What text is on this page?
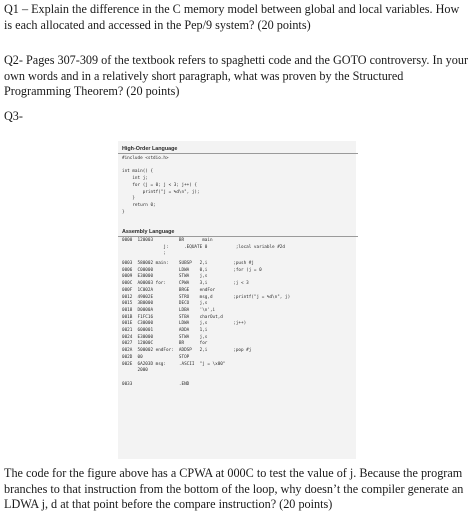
Q1 – Explain the difference in the C memory model between global and local variables. How is each allocated and accessed in the Pep/9 system? (20 points)

Q2- Pages 307-309 of the textbook refers to spaghetti code and the GOTO controversy. In your own words and in a relatively short paragraph, what was proven by the Structured Programming Theorem? (20 points)

Q3-

High-Order Language
#include <stdio.h>

int main() {
int j;
for (j = 0; j < 3; j++) {
printf("j = %d\n", j);
}
return 0;
}
Assembly Language
0000  120003          BR       main
j:      .EQUATE 0           ;local variable #2d
;
0003  580002 main:    SUBSP   2,i          ;push #j
0006  C00000          LDWA    0,i          ;for (j = 0
0009  E30000          STWA    j,s
000C  A00003 for:     CPWA    3,i          ;j < 3
000F  1C002A          BRGE    endFor
0012  49002E          STRO    msg,d        ;printf("j = %d\n", j)
0015  3B0000          DECO    j,s
0018  D0000A          LDBA    '\n',i
001B  F1FC16          STBA    charOut,d
001E  C30000          LDWA    j,s          ;j++)
0021  600001          ADDA    1,i
0024  E30000          STWA    j,s
0027  12000C          BR      for
002A  500002 endFor:  ADDSP   2,i          ;pop #j
002D  00              STOP
002E  6A203D msg:     .ASCII  "j = \x00"
2000

0033                  .END

The code for the figure above has a CPWA at 000C to test the value of j. Because the program branches to that instruction from the bottom of the loop, why doesn’t the compiler generate an LDWA j, d at that point before the compare instruction? (20 points)
